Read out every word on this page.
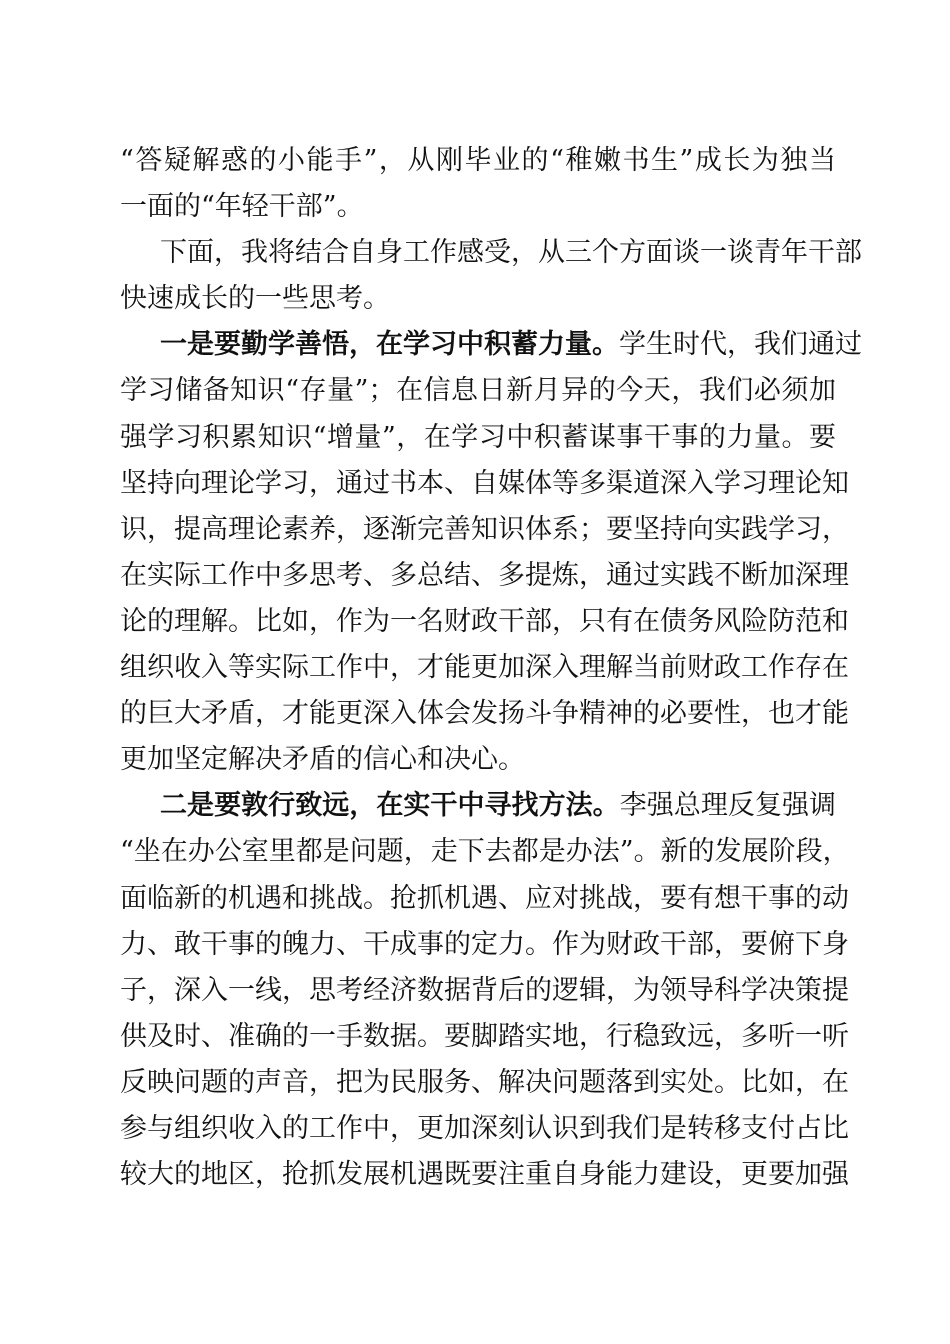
“答疑解惑的小能手”，从刚毕业的“稚嫩书生”成长为独当
一面的“年轻干部”。
下面，我将结合自身工作感受，从三个方面谈一谈青年干部
快速成长的一些思考。
一是要勤学善悟，在学习中积蓄力量。学生时代，我们通过
学习储备知识“存量”；在信息日新月异的今天，我们必须加
强学习积累知识“增量”，在学习中积蓄谋事干事的力量。要
坚持向理论学习，通过书本、自媒体等多渠道深入学习理论知
识，提高理论素养，逐渐完善知识体系；要坚持向实践学习，
在实际工作中多思考、多总结、多提炼，通过实践不断加深理
论的理解。比如，作为一名财政干部，只有在债务风险防范和
组织收入等实际工作中，才能更加深入理解当前财政工作存在
的巨大矛盾，才能更深入体会发扬斗争精神的必要性，也才能
更加坚定解决矛盾的信心和决心。
二是要敦行致远，在实干中寻找方法。李强总理反复强调
“坐在办公室里都是问题，走下去都是办法”。新的发展阶段，
面临新的机遇和挑战。抢抓机遇、应对挑战，要有想干事的动
力、敢干事的魄力、干成事的定力。作为财政干部，要俯下身
子，深入一线，思考经济数据背后的逻辑，为领导科学决策提
供及时、准确的一手数据。要脚踏实地，行稳致远，多听一听
反映问题的声音，把为民服务、解决问题落到实处。比如，在
参与组织收入的工作中，更加深刻认识到我们是转移支付占比
较大的地区，抢抓发展机遇既要注重自身能力建设，更要加强
